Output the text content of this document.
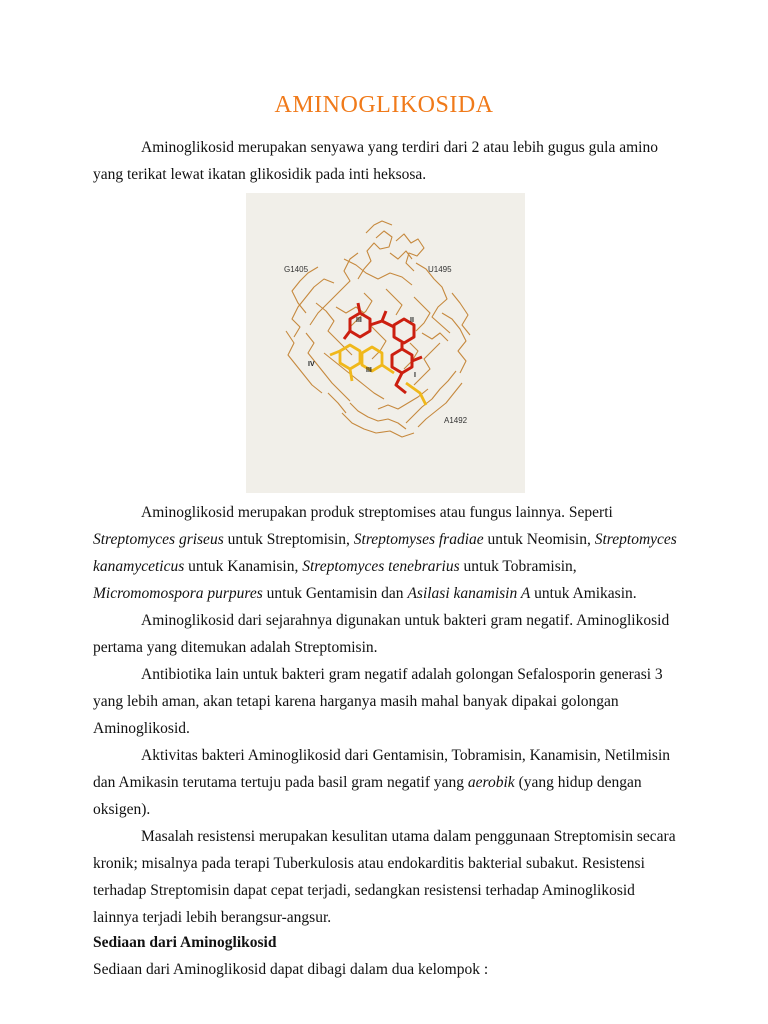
AMINOGLIKOSIDA

Aminoglikosid merupakan senyawa yang terdiri dari 2 atau lebih gugus gula amino yang terikat lewat ikatan glikosidik pada inti heksosa.

G1405	U1495
A1492
IV
III	II
III
I

Aminoglikosid merupakan produk streptomises atau fungus lainnya. Seperti Streptomyces griseus untuk Streptomisin, Streptomyses fradiae untuk Neomisin, Streptomyces kanamyceticus untuk Kanamisin, Streptomyces tenebrarius untuk Tobramisin, Micromomospora purpures untuk Gentamisin dan Asilasi kanamisin A untuk Amikasin.

Aminoglikosid dari sejarahnya digunakan untuk bakteri gram negatif. Aminoglikosid pertama yang ditemukan adalah Streptomisin.

Antibiotika lain untuk bakteri gram negatif adalah golongan Sefalosporin generasi 3 yang lebih aman, akan tetapi karena harganya masih mahal banyak dipakai golongan Aminoglikosid.

Aktivitas bakteri Aminoglikosid dari Gentamisin, Tobramisin, Kanamisin, Netilmisin dan Amikasin terutama tertuju pada basil gram negatif yang aerobik (yang hidup dengan oksigen).

Masalah resistensi merupakan kesulitan utama dalam penggunaan Streptomisin secara kronik; misalnya pada terapi Tuberkulosis atau endokarditis bakterial subakut. Resistensi terhadap Streptomisin dapat cepat terjadi, sedangkan resistensi terhadap Aminoglikosid lainnya terjadi lebih berangsur-angsur.

Sediaan dari Aminoglikosid

Sediaan dari Aminoglikosid dapat dibagi dalam dua kelompok :
